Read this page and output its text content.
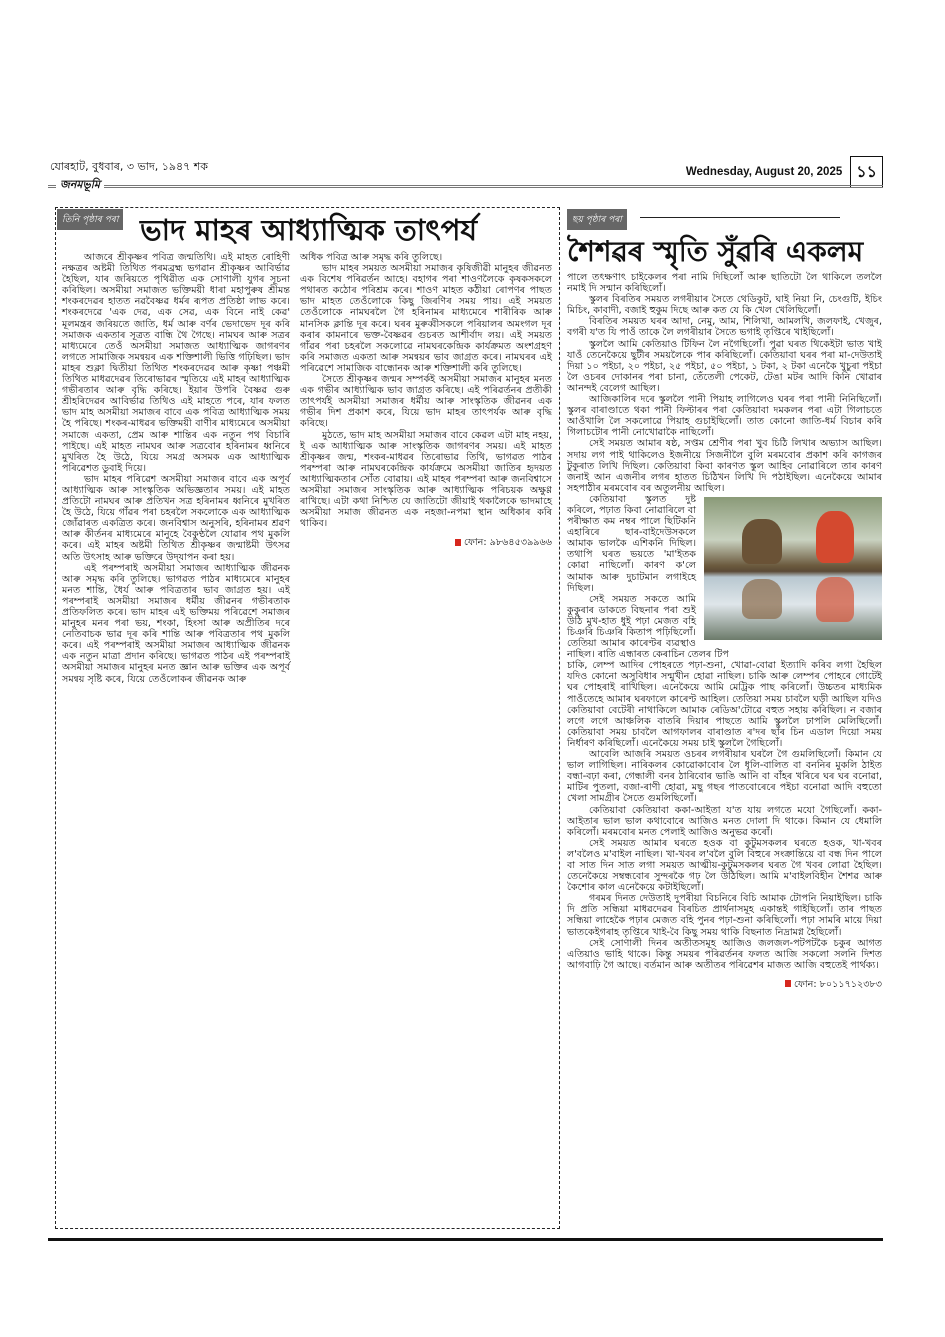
যোৰহাট, বুধবাৰ, ৩ ভাদ, ১৯৪৭ শক	Wednesday, August 20, 2025 ১১
জনমভূমি
তিনি পৃষ্ঠাৰ পৰা ভাদ মাহৰ আধ্যাত্মিক তাৎপৰ্য

আজৰে শ্ৰীকৃষ্ণৰ পবিত্ৰ জন্মতিথি। এই মাহত ৰোহিণী নক্ষত্ৰৰ অষ্টমী তিথিত পৰমব্ৰহ্ম ভগৱান শ্ৰীকৃষ্ণৰ আবিৰ্ভাৱ হৈছিল, যাৰ জৰিয়তে পৃথিৱীত এক সোণালী যুগৰ সূচনা কৰিছিল। অসমীয়া সমাজত ভক্তিময়ী ধাৰা মহাপুৰুষ শ্ৰীমন্ত শংকৰদেৱৰ হাতত নৱবৈষ্ণৱ ধৰ্মৰ ৰূপত প্ৰতিষ্ঠা লাভ কৰে। শংকৰদেৱে 'এক দেৱ, এক সেৱ, এক বিনে নাই কেৱ' মূলমন্ত্ৰৰ জৰিয়তে জাতি, ধৰ্ম আৰু বৰ্ণৰ ভেদাভেদ দূৰ কৰি সমাজক একতাৰ সূত্ৰত বান্ধি থৈ গৈছে। নামঘৰ আৰু সত্ৰৰ মাধ্যমেৰে তেওঁ অসমীয়া সমাজত আধ্যাত্মিক জাগৰণৰ লগতে সামাজিক সমন্বয়ৰ এক শক্তিশালী ভিত্তি গঢ়িছিল। ভাদ মাহৰ শুক্লা দ্বিতীয়া তিথিত শংকৰদেৱৰ আৰু কৃষ্ণা পঞ্চমী তিথিত মাধৱদেৱৰ তিৰোভাৱৰ স্মৃতিয়ে এই মাহৰ আধ্যাত্মিক গভীৰতাৰ আৰু বৃদ্ধি কৰিছে। ইয়াৰ উপৰি বৈষ্ণৱ গুৰু শ্ৰীহৰিদেৱৰ আবিৰ্ভাৱ তিথিও এই মাহতে পৰে, যাৰ ফলত ভাদ মাহ অসমীয়া সমাজৰ বাবে এক পবিত্ৰ আধ্যাত্মিক সময় হৈ পৰিছে। শংকৰ-মাধৱৰ ভক্তিময়ী বাণীৰ মাধ্যমেৰে অসমীয়া সমাজে একতা, প্ৰেম আৰু শান্তিৰ এক নতুন পথ বিচাৰি পাইছে। এই মাহত নামঘৰ আৰু সত্ৰবোৰ হৰিনামৰ ধ্বনিৰে মুখৰিত হৈ উঠে, যিয়ে সমগ্ৰ অসমক এক আধ্যাত্মিক পৰিৱেশত ডুবাই দিয়ে।

ভাদ মাহৰ পৰিৱেশ অসমীয়া সমাজৰ বাবে এক অপূৰ্ব আধ্যাত্মিক আৰু সাংস্কৃতিক অভিজ্ঞতাৰ সময়। এই মাহত প্ৰতিটো নামঘৰ আৰু প্ৰতিখন সত্ৰ হৰিনামৰ ধ্বনিৰে মুখৰিত হৈ উঠে, যিয়ে গাঁৱৰ পৰা চহৰলৈ সকলোকে এক আধ্যাত্মিক জোঁৱাৰত একত্ৰিত কৰে। জনবিশ্বাস অনুসৰি, হৰিনামৰ শ্ৰৱণ আৰু কীৰ্তনৰ মাধ্যমেৰে মানুহে বৈকুণ্ঠলৈ যোৱাৰ পথ মুকলি কৰে। এই মাহৰ অষ্টমী তিথিত শ্ৰীকৃষ্ণৰ জন্মাষ্টমী উৎসৱ অতি উৎসাহ আৰু ভক্তিৰে উদ্‌যাপন কৰা হয়।

এই পৰম্পৰাই অসমীয়া সমাজৰ আধ্যাত্মিক জীৱনক আৰু সমৃদ্ধ কৰি তুলিছে। ভাগৱত পাঠৰ মাধ্যমেৰে মানুহৰ মনত শান্তি, ধৈৰ্য আৰু পবিত্ৰতাৰ ভাব জাগ্ৰত হয়। এই পৰম্পৰাই অসমীয়া সমাজৰ ধৰ্মীয় জীৱনৰ গভীৰতাক প্ৰতিফলিত কৰে। ভাদ মাহৰ এই ভক্তিময় পৰিৱেশে সমাজৰ মানুহৰ মনৰ পৰা ভয়, শংকা, হিংসা আৰু অপ্ৰীতিৰ দৰে নেতিবাচক ভাৱ দূৰ কৰি শান্তি আৰু পবিত্ৰতাৰ পথ মুকলি কৰে। এই পৰম্পৰাই অসমীয়া সমাজৰ আধ্যাত্মিক জীৱনক এক নতুন মাত্ৰা প্ৰদান কৰিছে। ভাগৱত পাঠৰ এই পৰম্পৰাই অসমীয়া সমাজৰ মানুহৰ মনত জ্ঞান আৰু ভক্তিৰ এক অপূৰ্ব সমন্বয় সৃষ্টি কৰে, যিয়ে তেওঁলোকৰ জীৱনক আৰু

অধিক পবিত্ৰ আৰু সমৃদ্ধ কৰি তুলিছে।

ভাদ মাহৰ সময়ত অসমীয়া সমাজৰ কৃষিজীৱী মানুহৰ জীৱনত এক বিশেষ পৰিৱৰ্তন আহে। বহাগৰ পৰা শাওণলৈকে কৃষকসকলে পথাৰত কঠোৰ পৰিশ্ৰম কৰে। শাওণ মাহত কঠীয়া ৰোপণৰ পাছত ভাদ মাহত তেওঁলোকে কিছু জিৰণিৰ সময় পায়। এই সময়ত তেওঁলোকে নামঘৰলৈ গৈ হৰিনামৰ মাধ্যমেৰে শাৰীৰিক আৰু মানসিক ক্লান্তি দূৰ কৰে। ঘৰৰ মুৰুব্বীসকলে পৰিয়ালৰ অমংগল দূৰ কৰাৰ কামনাৰে ভক্ত-বৈষ্ণৱৰ গুচৰত আশীৰ্বাদ লয়। এই সময়ত গাঁৱৰ পৰা চহৰলৈ সকলোৱে নামঘৰকেন্দ্ৰিক কাৰ্যক্ৰমত অংশগ্ৰহণ কৰি সমাজত একতা আৰু সমন্বয়ৰ ভাব জাগ্ৰত কৰে। নামঘৰৰ এই পৰিৱেশে সামাজিক বান্ধোনক আৰু শক্তিশালী কৰি তুলিছে।

সৈতে শ্ৰীকৃষ্ণৰ জন্মৰ সম্পৰ্কই অসমীয়া সমাজৰ মানুহৰ মনত এক গভীৰ আধ্যাত্মিক ভাব জাগ্ৰত কৰিছে। এই পৰিৱৰ্তনৰ প্ৰতীকী তাৎপৰ্যই অসমীয়া সমাজৰ ধৰ্মীয় আৰু সাংস্কৃতিক জীৱনৰ এক গভীৰ দিশ প্ৰকাশ কৰে, যিয়ে ভাদ মাহৰ তাৎপৰ্যক আৰু বৃদ্ধি কৰিছে।

মুঠতে, ভাদ মাহ অসমীয়া সমাজৰ বাবে কেৱল এটা মাহ নহয়, ই এক আধ্যাত্মিক আৰু সাংস্কৃতিক জাগৰণৰ সময়। এই মাহত শ্ৰীকৃষ্ণৰ জন্ম, শংকৰ-মাধৱৰ তিৰোভাৱ তিথি, ভাগৱত পাঠৰ পৰম্পৰা আৰু নামঘৰকেন্দ্ৰিক কাৰ্যক্ৰমে অসমীয়া জাতিৰ হৃদয়ত আধ্যাত্মিকতাৰ সোঁত বোৱায়। এই মাহৰ পৰম্পৰা আৰু জনবিশ্বাসে অসমীয়া সমাজৰ সাংস্কৃতিক আৰু আধ্যাত্মিক পৰিচয়ক অক্ষুণ্ণ ৰাখিছে। এটা কথা নিশ্চিত যে জাতিটো জীয়াই থকালৈকে ভাদমাহে অসমীয়া সমাজ জীৱনত এক নহজা-নপমা স্থান অধিকাৰ কৰি থাকিব।

ফোন: ৯৮৬৪৫৩৯৯৬৬
ছয় পৃষ্ঠাৰ পৰা
শৈশৱৰ স্মৃতি সুঁৱৰি একলম

পালে তৎক্ষণাৎ চাইকেলৰ পৰা নামি দিছিলোঁ আৰু ছাতিটো লৈ থাকিলে তললৈ নমাই দি সন্মান কৰিছিলোঁ।

স্কুলৰ বিৰতিৰ সময়ত লগৰীয়াৰ সৈতে থেডিকুট, ঘাই নিয়া নি, চেংগুটি, ইচিং মিচিং, কাবাদী, বজাই হুকুম দিছে আৰু কত যে কি খেল খেলিছিলোঁ।

বিৰতিৰ সময়ত ঘৰৰ আদা, নেমু, আম, শিলিখা, আমলখি, জলফাই, খেজুৰ, বগৰী য'ত যি পাওঁ তাকে লৈ লগৰীয়াৰ সৈতে ভগাই তৃপ্তিৰে খাইছিলোঁ।

স্কুললৈ আমি কেতিয়াও টিফিন লৈ নগৈছিলোঁ। পুৱা ঘৰত থিকেইটা ভাত খাই যাওঁ তেনেকৈয়ে ছুটীৰ সময়লৈকে পাৰ কৰিছিলোঁ। কেতিয়াবা ঘৰৰ পৰা মা-দেউতাই দিয়া ১০ পইচা, ২০ পইচা, ২৫ পইচা, ৫০ পইচা, ১ টকা, ২ টকা এনেকৈ খুচুৰা পইচা লৈ ওচৰৰ দোকানৰ পৰা চানা, তেঁতেলী পেকেট, টেঙা মটৰ আদি কিনি খোৱাৰ আনন্দই বেলেগ আছিল।

আজিকালিৰ দৰে স্কুললৈ পানী পিয়াহ লাগিলেও ঘৰৰ পৰা পানী নিনিছিলোঁ। স্কুলৰ বাৰাণ্ডাতে থকা পানী ফিল্টাৰৰ পৰা কেতিয়াবা দমকলৰ পৰা এটা গিলাচতে আওঁখালি লৈ সকলোৱে পিয়াহ গুচাইছিলোঁ। তাত কোনো জাতি-ধৰ্ম বিচাৰ কৰি গিলাচটোৰ পানী নোখোৱাকৈ নাছিলোঁ।

সেই সময়ত আমাৰ ষষ্ঠ, সপ্তম শ্ৰেণীৰ পৰা খুব চিঠি লিখাৰ অভ্যাস আছিল। সদায় লগ পাই থাকিলেও ইজনীয়ে সিজনীলৈ বুলি মৰমবোৰ প্ৰকাশ কৰি কাগজৰ টুকুৰাত লিখি দিছিল। কেতিয়াবা কিবা কাৰণত স্কুল আহিব নোৱাৰিলে তাৰ কাৰণ জনাই আন এজনীৰ লগৰ হাতত চিঠিখন লিখি দি পঠাইছিল। এনেকৈয়ে আমাৰ সহপাঠীৰ মৰমবোৰ বৰ অতুলনীয় আছিল।

কেতিয়াবা স্কুলত দুষ্ট কৰিলে, পঢ়াত কিবা নোৱাৰিলে বা পৰীক্ষাত কম নম্বৰ পালে ছিটিকনি এহাৰিৰে ছাৰ-বাইদেউসকলে আমাক ভালকৈ এশিকনি দিছিল। তথাপি ঘৰত ভয়তে 'মা'ইতক কোৱা নাছিলোঁ। কাৰণ ক'লে আমাক আৰু দুচাটমান লগাইহে দিছিল।

সেই সময়ত সকতে আমি কুকুৰাৰ ডাকতে বিছনাৰ পৰা শুই উঠি মুখ-হাত ধুই পঢ়া মেজত বহি চিঞৰি চিঞৰি কিতাপ পঢ়িছিলোঁ। তেতিয়া আমাৰ কাৰেণ্টৰ ব্যৱস্থাও নাছিল। ৰাতি এন্ধাৰত কেৰাচিন তেলৰ টিপ

চাকি, লেম্প আদিৰ পোহৰতে পঢ়া-শুনা, খোৱা-বোৱা ইত্যাদি কৰিব লগা হৈছিল যদিও কোনো অসুবিধাৰ সন্মুখীন হোৱা নাছিল। চাকি আৰু লেম্পৰ পোহৰে গোটেই ঘৰ পোহৰাই ৰাখিছিল। এনেকৈয়ে আমি মেট্ৰিক পাছ কৰিলোঁ। উচ্চতৰ মাধ্যমিক পাওঁতেহে আমাৰ ঘৰফালে কাৰেণ্ট আহিল। তেতিয়া সময় চাবলৈ ঘড়ী আছিল যদিও কেতিয়াবা বেটেৰী নাথাকিলে আমাক ৰেডিঅ'টোৱে বহুত সহায় কৰিছিল। ন বজাৰ লগে লগে আঞ্চলিক বাতৰি দিয়াৰ পাছতে আমি স্কুললৈ ঢাপলি মেলিছিলোঁ। কেতিয়াবা সময় চাবলৈ আগফালৰ বাৰাণ্ডাত ৰ'দৰ ছাঁৰ চিন এডাল দিয়ো সময় নিৰ্ধাৰণ কৰিছিলোঁ। এনেকৈয়ে সময় চাই স্কুললৈ গৈছিলোঁ।

আবেলি আজৰি সময়ত ওচৰৰ লগৰীয়াৰ ঘৰলৈ গৈ গুমলিছিলোঁ। কিমান যে ভাল লাগিছিল। নাৰিকলৰ কোৱোকাবোৰ লৈ ধূলি-বালিত বা বননিৰ মুকলি ঠাইত বন্ধা-বঢ়া কৰা, গেন্ধালী বনৰ ঠাৰিবোৰ ভাঙি আনি বা বাঁহৰ খৰিৰে ঘৰ ঘৰ বনোৱা, মাটিৰ পুতলা, বজা-ৰাণী হোৱা, মছু গছৰ পাতবোৰেৰে পইচা বনোৱা আদি বহুতো খেলা সামগ্ৰীৰ সৈতে গুমলিছিলোঁ।

কেতিয়াবা কেতিয়াবা ককা-আইতা য'ত যায় লগতে মযো গৈছিলোঁ। ককা-আইতাৰ ভাল ভাল কথাবোৰে আজিও মনত দোলা দি থাকে। কিমান যে ধেমালি কৰিলোঁ। মৰমবোৰ মনত পেলাই আজিও অনুভৱ কৰোঁ।

সেই সময়ত আমাৰ ঘৰতে হওক বা কুটুমসকলৰ ঘৰতে হওক, খা-খবৰ ল'বলৈও ম'বাইল নাছিল। খা-খবৰ ল'বলৈ বুলি বিহুৰে সংক্ৰান্তিয়ে বা বন্ধ দিন পালে বা সাত দিন সাত লগা সময়ত আত্মীয়-কুটুমসকলৰ ঘৰত গৈ খবৰ লোৱা হৈছিল। তেনেকৈয়ে সম্বন্ধবোৰ সুন্দৰকৈ গঢ় লৈ উঠিছিল। আমি ম'বাইলবিহীন শৈশৱ আৰু কৈশোৰ কাল এনেকৈয়ে কটাইছিলোঁ।

গৰমৰ দিনত দেউতাই দুপৰীয়া বিচনিৰে বিচি আমাক টোপনি নিয়াইছিল। চাকি দি প্ৰতি সন্ধিয়া মাধৱদেৱৰ বিৰচিত প্ৰাৰ্থনাসমূহ একান্তই গাইছিলোঁ। তাৰ পাছত সন্ধিয়া লাহেকৈ পঢ়াৰ মেজত বহি পুনৰ পঢ়া-শুনা কৰিছিলোঁ। পঢ়া সামৰি মায়ে দিয়া ভাতকেইগৰাহ তৃপ্তিৰে খাই-বৈ কিছু সময় থাকি বিছনাত নিদ্ৰামগ্ন হৈছিলোঁ।

সেই সোণালী দিনৰ অতীতসমূহ আজিও জলজল-পটপটকৈ চকুৰ আগত এতিয়াও ভাহি থাকে। কিন্তু সময়ৰ পৰিৱৰ্তনৰ ফলত আজি সকলো সলনি দিশত আগবাঢ়ি গৈ আছে। বৰ্তমান আৰু অতীতৰ পৰিৱেশৰ মাজত আজি বহুতেই পাৰ্থক্য।

ফোন: ৮০১১৭১২৩৮৩
